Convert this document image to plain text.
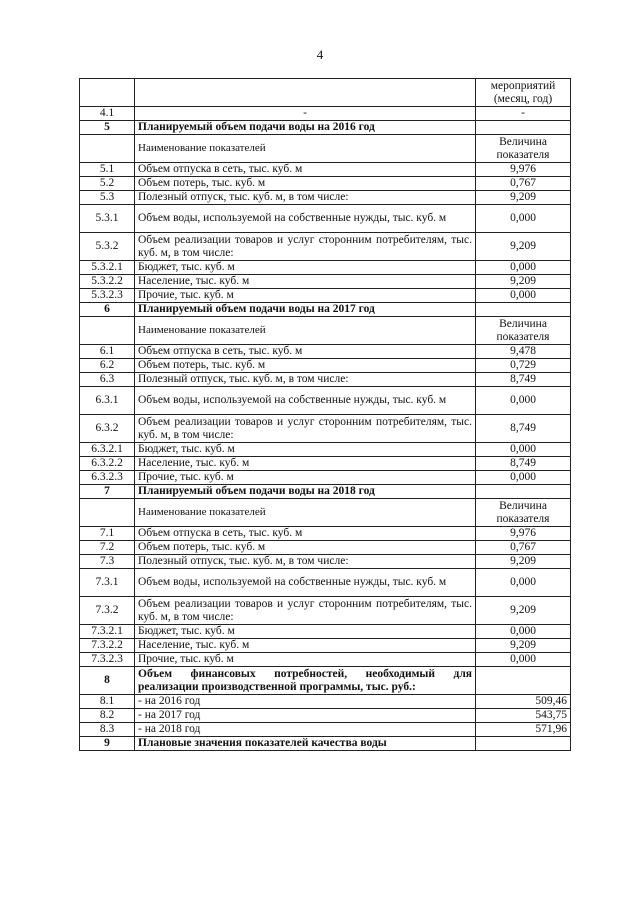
4
		мероприятий (месяц, год)
4.1	-	-
5	Планируемый объем подачи воды на 2016 год	
	Наименование показателей	Величина показателя
5.1	Объем отпуска в сеть, тыс. куб. м	9,976
5.2	Объем потерь, тыс. куб. м	0,767
5.3	Полезный отпуск, тыс. куб. м, в том числе:	9,209
5.3.1	Объем воды, используемой на собственные нужды, тыс. куб. м	0,000
5.3.2	Объем реализации товаров и услуг сторонним потребителям, тыс. куб. м, в том числе:	9,209
5.3.2.1	Бюджет, тыс. куб. м	0,000
5.3.2.2	Население, тыс. куб. м	9,209
5.3.2.3	Прочие, тыс. куб. м	0,000
6	Планируемый объем подачи воды на 2017 год	
	Наименование показателей	Величина показателя
6.1	Объем отпуска в сеть, тыс. куб. м	9,478
6.2	Объем потерь, тыс. куб. м	0,729
6.3	Полезный отпуск, тыс. куб. м, в том числе:	8,749
6.3.1	Объем воды, используемой на собственные нужды, тыс. куб. м	0,000
6.3.2	Объем реализации товаров и услуг сторонним потребителям, тыс. куб. м, в том числе:	8,749
6.3.2.1	Бюджет, тыс. куб. м	0,000
6.3.2.2	Население, тыс. куб. м	8,749
6.3.2.3	Прочие, тыс. куб. м	0,000
7	Планируемый объем подачи воды на 2018 год	
	Наименование показателей	Величина показателя
7.1	Объем отпуска в сеть, тыс. куб. м	9,976
7.2	Объем потерь, тыс. куб. м	0,767
7.3	Полезный отпуск, тыс. куб. м, в том числе:	9,209
7.3.1	Объем воды, используемой на собственные нужды, тыс. куб. м	0,000
7.3.2	Объем реализации товаров и услуг сторонним потребителям, тыс. куб. м, в том числе:	9,209
7.3.2.1	Бюджет, тыс. куб. м	0,000
7.3.2.2	Население, тыс. куб. м	9,209
7.3.2.3	Прочие, тыс. куб. м	0,000
8	Объем финансовых потребностей, необходимый для реализации производственной программы, тыс. руб.:	
8.1	- на 2016 год	509,46
8.2	- на 2017 год	543,75
8.3	- на 2018 год	571,96
9	Плановые значения показателей качества воды	
